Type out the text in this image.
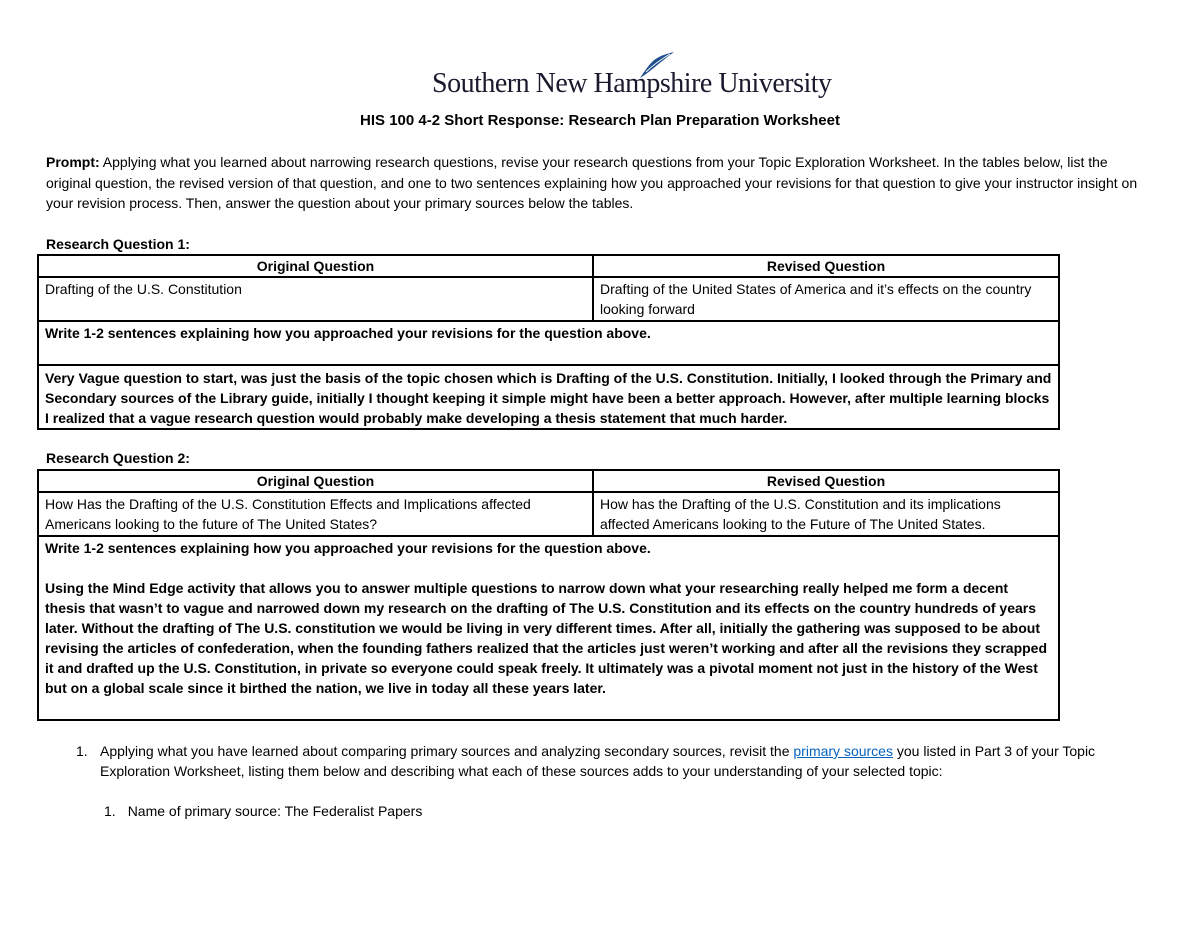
Southern New Hampshire University
HIS 100 4-2 Short Response: Research Plan Preparation Worksheet
Prompt: Applying what you learned about narrowing research questions, revise your research questions from your Topic Exploration Worksheet. In the tables below, list the original question, the revised version of that question, and one to two sentences explaining how you approached your revisions for that question to give your instructor insight on your revision process. Then, answer the question about your primary sources below the tables.
Research Question 1:
Original Question	Revised Question
Drafting of the U.S. Constitution	Drafting of the United States of America and it’s effects on the country looking forward
Write 1-2 sentences explaining how you approached your revisions for the question above.	
Very Vague question to start, was just the basis of the topic chosen which is Drafting of the U.S. Constitution. Initially, I looked through the Primary and Secondary sources of the Library guide, initially I thought keeping it simple might have been a better approach. However, after multiple learning blocks I realized that a vague research question would probably make developing a thesis statement that much harder.	
Research Question 2:
Original Question	Revised Question
How Has the Drafting of the U.S. Constitution Effects and Implications affected Americans looking to the future of The United States?	How has the Drafting of the U.S. Constitution and its implications affected Americans looking to the Future of The United States.

Write 1-2 sentences explaining how you approached your revisions for the question above.
Using the Mind Edge activity that allows you to answer multiple questions to narrow down what your researching really helped me form a decent thesis that wasn’t to vague and narrowed down my research on the drafting of The U.S. Constitution and its effects on the country hundreds of years later. Without the drafting of The U.S. constitution we would be living in very different times. After all, initially the gathering was supposed to be about revising the articles of confederation, when the founding fathers realized that the articles just weren’t working and after all the revisions they scrapped it and drafted up the U.S. Constitution, in private so everyone could speak freely. It ultimately was a pivotal moment not just in the history of the West but on a global scale since it birthed the nation, we live in today all these years later.	
1. Applying what you have learned about comparing primary sources and analyzing secondary sources, revisit the primary sources you listed in Part 3 of your Topic Exploration Worksheet, listing them below and describing what each of these sources adds to your understanding of your selected topic:
1. Name of primary source: The Federalist Papers
